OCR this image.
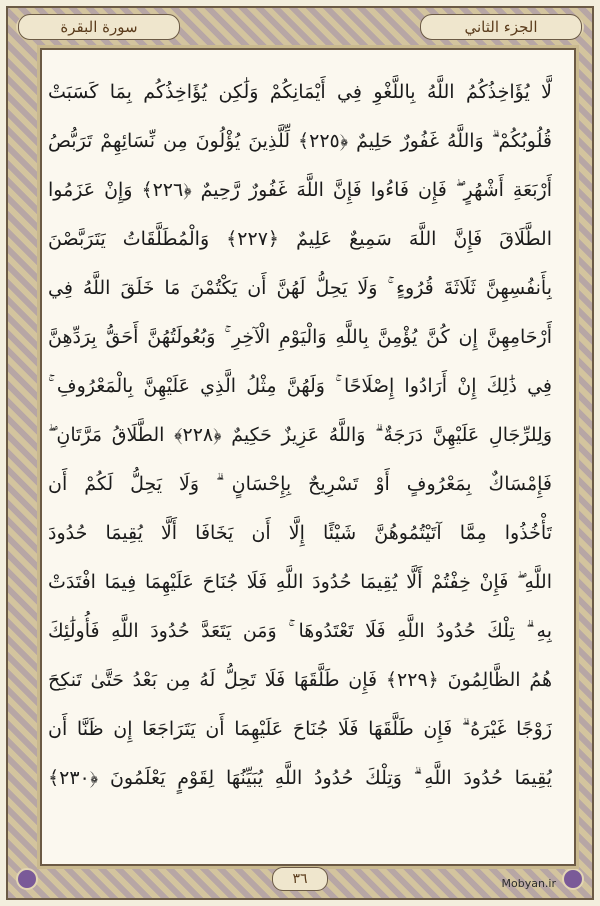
سورة البقرة	الجزء الثاني
لَّا يُؤَاخِذُكُمُ اللَّهُ بِاللَّغْوِ فِي أَيْمَانِكُمْ وَلَٰكِن يُؤَاخِذُكُم بِمَا كَسَبَتْ
قُلُوبُكُمْ ۗ وَاللَّهُ غَفُورٌ حَلِيمٌ ﴿٢٢٥﴾ لِّلَّذِينَ يُؤْلُونَ مِن نِّسَائِهِمْ تَرَبُّصُ
أَرْبَعَةِ أَشْهُرٍ ۖ فَإِن فَاءُوا فَإِنَّ اللَّهَ غَفُورٌ رَّحِيمٌ ﴿٢٢٦﴾ وَإِنْ عَزَمُوا
الطَّلَاقَ فَإِنَّ اللَّهَ سَمِيعٌ عَلِيمٌ ﴿٢٢٧﴾ وَالْمُطَلَّقَاتُ يَتَرَبَّصْنَ
بِأَنفُسِهِنَّ ثَلَاثَةَ قُرُوءٍ ۚ وَلَا يَحِلُّ لَهُنَّ أَن يَكْتُمْنَ مَا خَلَقَ اللَّهُ فِي
أَرْحَامِهِنَّ إِن كُنَّ يُؤْمِنَّ بِاللَّهِ وَالْيَوْمِ الْآخِرِ ۚ وَبُعُولَتُهُنَّ أَحَقُّ بِرَدِّهِنَّ
فِي ذَٰلِكَ إِنْ أَرَادُوا إِصْلَاحًا ۚ وَلَهُنَّ مِثْلُ الَّذِي عَلَيْهِنَّ بِالْمَعْرُوفِ ۚ
وَلِلرِّجَالِ عَلَيْهِنَّ دَرَجَةٌ ۗ وَاللَّهُ عَزِيزٌ حَكِيمٌ ﴿٢٢٨﴾ الطَّلَاقُ مَرَّتَانِ ۖ
فَإِمْسَاكٌ بِمَعْرُوفٍ أَوْ تَسْرِيحٌ بِإِحْسَانٍ ۗ وَلَا يَحِلُّ لَكُمْ أَن
تَأْخُذُوا مِمَّا آتَيْتُمُوهُنَّ شَيْئًا إِلَّا أَن يَخَافَا أَلَّا يُقِيمَا حُدُودَ
اللَّهِ ۖ فَإِنْ خِفْتُمْ أَلَّا يُقِيمَا حُدُودَ اللَّهِ فَلَا جُنَاحَ عَلَيْهِمَا فِيمَا افْتَدَتْ
بِهِ ۗ تِلْكَ حُدُودُ اللَّهِ فَلَا تَعْتَدُوهَا ۚ وَمَن يَتَعَدَّ حُدُودَ اللَّهِ فَأُولَٰئِكَ
هُمُ الظَّالِمُونَ ﴿٢٢٩﴾ فَإِن طَلَّقَهَا فَلَا تَحِلُّ لَهُ مِن بَعْدُ حَتَّىٰ تَنكِحَ
زَوْجًا غَيْرَهُ ۗ فَإِن طَلَّقَهَا فَلَا جُنَاحَ عَلَيْهِمَا أَن يَتَرَاجَعَا إِن ظَنَّا أَن
يُقِيمَا حُدُودَ اللَّهِ ۗ وَتِلْكَ حُدُودُ اللَّهِ يُبَيِّنُهَا لِقَوْمٍ يَعْلَمُونَ ﴿٢٣٠﴾
٣٦	Mobyan.ir
